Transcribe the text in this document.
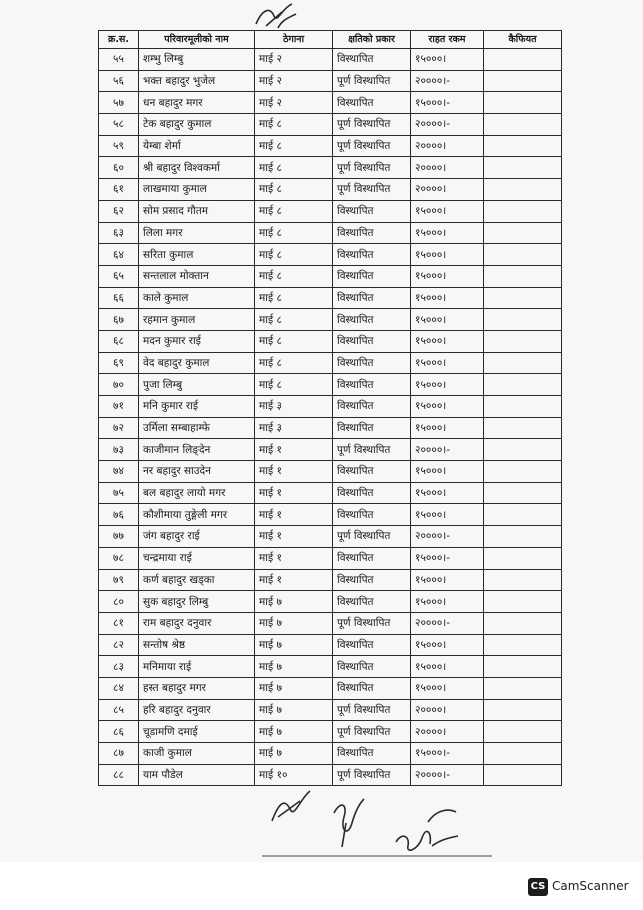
क्र.स.	परिवारमूलीको नाम	ठेगाना	क्षतिको प्रकार	राहत रकम	कैफियत
५५	शम्भु लिम्बु	माई २	विस्थापित	१५०००।	
५६	भक्त बहादुर भुजेल	माई २	पूर्ण विस्थापित	२००००।-	
५७	धन बहादुर मगर	माई २	विस्थापित	१५०००।-	
५८	टेक बहादुर कुमाल	माई ८	पूर्ण विस्थापित	२००००।-	
५९	येम्बा शेर्मा	माई ८	पूर्ण विस्थापित	२००००।	
६०	श्री बहादुर विश्वकर्मा	माई ८	पूर्ण विस्थापित	२००००।	
६१	लाखमाया कुमाल	माई ८	पूर्ण विस्थापित	२००००।	
६२	सोम प्रसाद गौतम	माई ८	विस्थापित	१५०००।	
६३	लिला मगर	माई ८	विस्थापित	१५०००।	
६४	सरिता कुमाल	माई ८	विस्थापित	१५०००।	
६५	सन्तलाल मोक्तान	माई ८	विस्थापित	१५०००।	
६६	काले कुमाल	माई ८	विस्थापित	१५०००।	
६७	रहमान कुमाल	माई ८	विस्थापित	१५०००।	
६८	मदन कुमार राई	माई ८	विस्थापित	१५०००।	
६९	वेद बहादुर कुमाल	माई ८	विस्थापित	१५०००।	
७०	पुजा लिम्बु	माई ८	विस्थापित	१५०००।	
७१	मनि कुमार राई	माई ३	विस्थापित	१५०००।	
७२	उर्मिला सम्बाहाम्फे	माई ३	विस्थापित	१५०००।	
७३	काजीमान लिङ्देन	माई १	पूर्ण विस्थापित	२००००।-	
७४	नर बहादुर साउदेन	माई १	विस्थापित	१५०००।	
७५	बल बहादुर लायो मगर	माई १	विस्थापित	१५०००।	
७६	कौशीमाया तुङ्गेली मगर	माई १	विस्थापित	१५०००।	
७७	जंग बहादुर राई	माई १	पूर्ण विस्थापित	२००००।-	
७८	चन्द्रमाया राई	माई १	विस्थापित	१५०००।-	
७९	कर्ण बहादुर खड्का	माई १	विस्थापित	१५०००।	
८०	सुक बहादुर लिम्बु	माई ७	विस्थापित	१५०००।	
८१	राम बहादुर दनुवार	माई ७	पूर्ण विस्थापित	२००००।-	
८२	सन्तोष श्रेष्ठ	माई ७	विस्थापित	१५०००।	
८३	मनिमाया राई	माई ७	विस्थापित	१५०००।	
८४	हस्त बहादुर मगर	माई ७	विस्थापित	१५०००।	
८५	हरि बहादुर दनुवार	माई ७	पूर्ण विस्थापित	२००००।	
८६	चूडामणि दमाई	माई ७	पूर्ण विस्थापित	२००००।	
८७	काजी कुमाल	माई ७	विस्थापित	१५०००।-	
८८	याम पौडेल	माई १०	पूर्ण विस्थापित	२००००।-	
CS CamScanner
